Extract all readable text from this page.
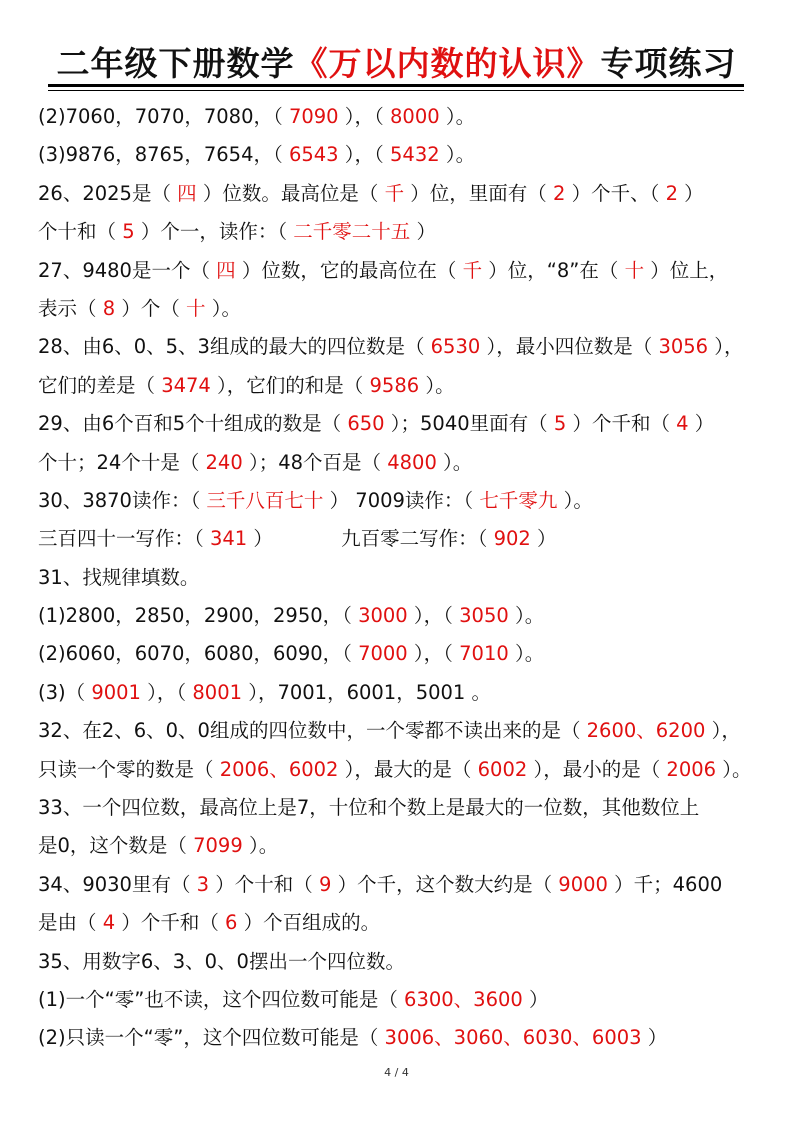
二年级下册数学《万以内数的认识》专项练习
(2)7060，7070，7080，（ 7090 ），（ 8000 ）。
(3)9876，8765，7654，（ 6543 ），（ 5432 ）。
26、2025是（ 四 ）位数。最高位是（ 千 ）位，里面有（ 2 ）个千、（ 2 ）
个十和（ 5 ）个一，读作：（ 二千零二十五 ）
27、9480是一个（ 四 ）位数，它的最高位在（ 千 ）位，“8”在（ 十 ）位上，
表示（ 8 ）个（ 十 ）。
28、由6、0、5、3组成的最大的四位数是（ 6530 ），最小四位数是（ 3056 ），
它们的差是（ 3474 ），它们的和是（ 9586 ）。
29、由6个百和5个十组成的数是（ 650 ）；5040里面有（ 5 ）个千和（ 4 ）
个十；24个十是（ 240 ）；48个百是（ 4800 ）。
30、3870读作：（ 三千八百七十 ） 7009读作：（ 七千零九 ）。
三百四十一写作：（ 341 ）　　　　九百零二写作：（ 902 ）
31、找规律填数。
(1)2800，2850，2900，2950，（ 3000 ），（ 3050 ）。
(2)6060，6070，6080，6090，（ 7000 ），（ 7010 ）。
(3)（ 9001 ），（ 8001 ），7001，6001，5001 。
32、在2、6、0、0组成的四位数中，一个零都不读出来的是（ 2600、6200 ），
只读一个零的数是（ 2006、6002 ），最大的是（ 6002 ），最小的是（ 2006 ）。
33、一个四位数，最高位上是7，十位和个数上是最大的一位数，其他数位上
是0，这个数是（ 7099 ）。
34、9030里有（ 3 ）个十和（ 9 ）个千，这个数大约是（ 9000 ）千；4600
是由（ 4 ）个千和（ 6 ）个百组成的。
35、用数字6、3、0、0摆出一个四位数。
(1)一个“零”也不读，这个四位数可能是（ 6300、3600 ）
(2)只读一个“零”，这个四位数可能是（ 3006、3060、6030、6003 ）
4 / 4
